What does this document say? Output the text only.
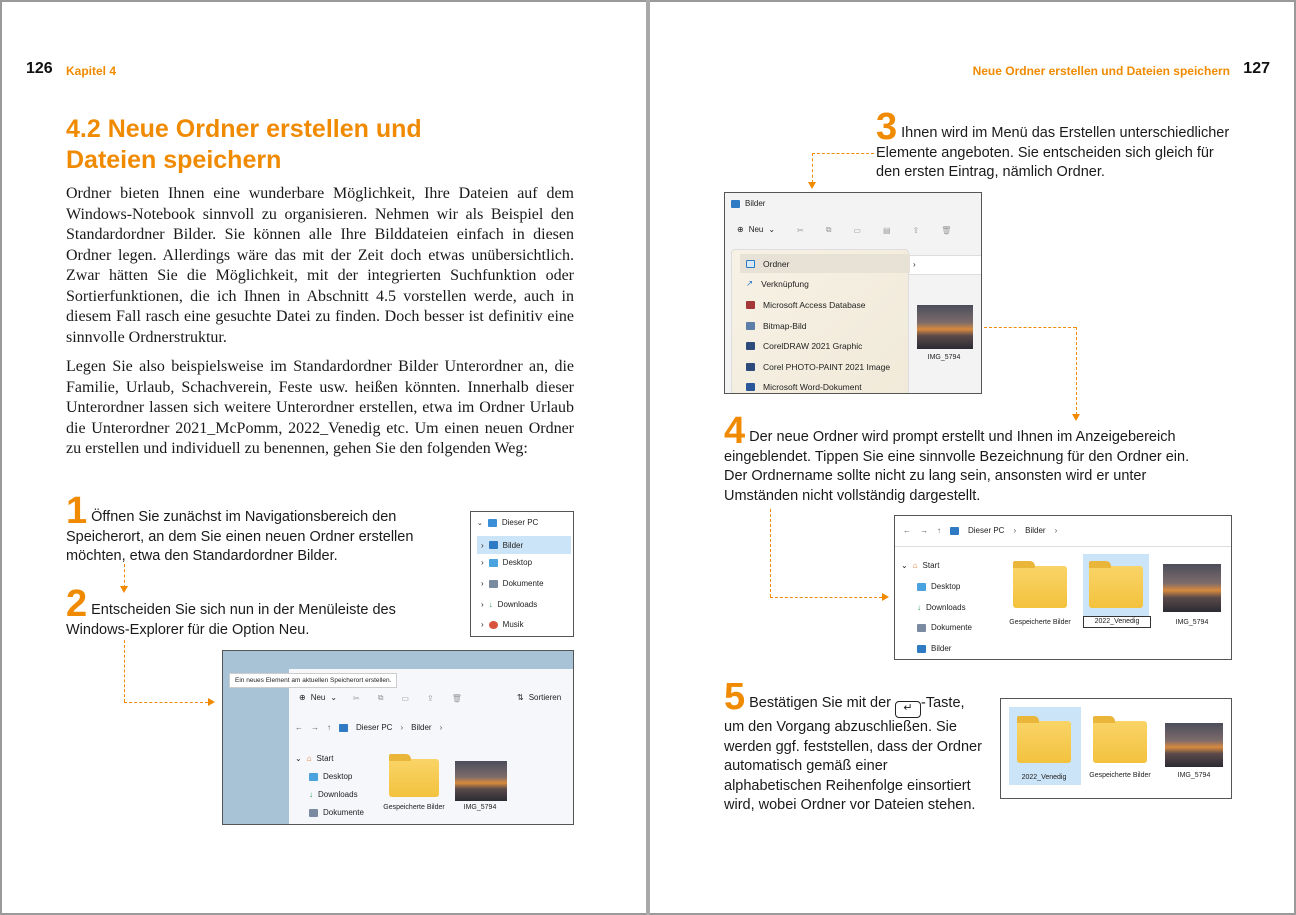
126 Kapitel 4
4.2 Neue Ordner erstellen und
Dateien speichern

Ordner bieten Ihnen eine wunderbare Möglichkeit, Ihre Dateien auf dem Windows-Notebook sinnvoll zu organisieren. Nehmen wir als Beispiel den Standardordner Bilder. Sie können alle Ihre Bilddateien einfach in diesen Ordner legen. Allerdings wäre das mit der Zeit doch etwas unübersichtlich. Zwar hätten Sie die Möglichkeit, mit der integrierten Suchfunktion oder Sortierfunktionen, die ich Ihnen in Abschnitt 4.5 vorstellen werde, auch in diesem Fall rasch eine gesuchte Datei zu finden. Doch besser ist definitiv eine sinnvolle Ordnerstruktur.

Legen Sie also beispielsweise im Standardordner Bilder Unterordner an, die Familie, Urlaub, Schachverein, Feste usw. heißen könnten. Innerhalb dieser Unterordner lassen sich weitere Unterordner erstellen, etwa im Ordner Urlaub die Unterordner 2021_McPomm, 2022_Venedig etc. Um einen neuen Ordner zu erstellen und individuell zu benennen, gehen Sie den folgenden Weg:

1 Öffnen Sie zunächst im Navigationsbereich den Speicherort, an dem Sie einen neuen Ordner erstellen möchten, etwa den Standardordner Bilder.
2 Entscheiden Sie sich nun in der Menüleiste des Windows-Explorer für die Option Neu.
⌄ Dieser PC
› Bilder
› Desktop
› Dokumente
› ↓ Downloads
› Musik
Ein neues Element am aktuellen Speicherort erstellen.
⊕ Neu ⌄ ✂ ⧉ ▭ ⇪ 🗑	⇅ Sortieren
← → ↑	Dieser PC › Bilder ›
⌄ ⌂ Start
Desktop
↓ Downloads
Dokumente
Gespeicherte Bilder	IMG_5794
Neue Ordner erstellen und Dateien speichern 127
3 Ihnen wird im Menü das Erstellen unterschiedlicher Elemente angeboten. Sie entscheiden sich gleich für den ersten Eintrag, nämlich Ordner.
Bilder
⊕ Neu ⌄	✂	⧉	▭	▤	⇪	🗑
›
Ordner
↗ Verknüpfung
Microsoft Access Database
Bitmap-Bild
CorelDRAW 2021 Graphic
Corel PHOTO-PAINT 2021 Image
Microsoft Word-Dokument
IMG_5794
4 Der neue Ordner wird prompt erstellt und Ihnen im Anzeigebereich eingeblendet. Tippen Sie eine sinnvolle Bezeichnung für den Ordner ein. Der Ordnername sollte nicht zu lang sein, ansonsten wird er unter Umständen nicht vollständig dargestellt.
← → ↑	Dieser PC › Bilder ›
⌄ ⌂ Start
Desktop
↓ Downloads
Dokumente
Bilder
Gespeicherte Bilder	2022_Venedig	IMG_5794
5 Bestätigen Sie mit der ↵ -Taste, um den Vorgang abzuschließen. Sie werden ggf. feststellen, dass der Ordner automatisch gemäß einer alphabetischen Reihenfolge einsortiert wird, wobei Ordner vor Dateien stehen.
2022_Venedig	Gespeicherte Bilder	IMG_5794
